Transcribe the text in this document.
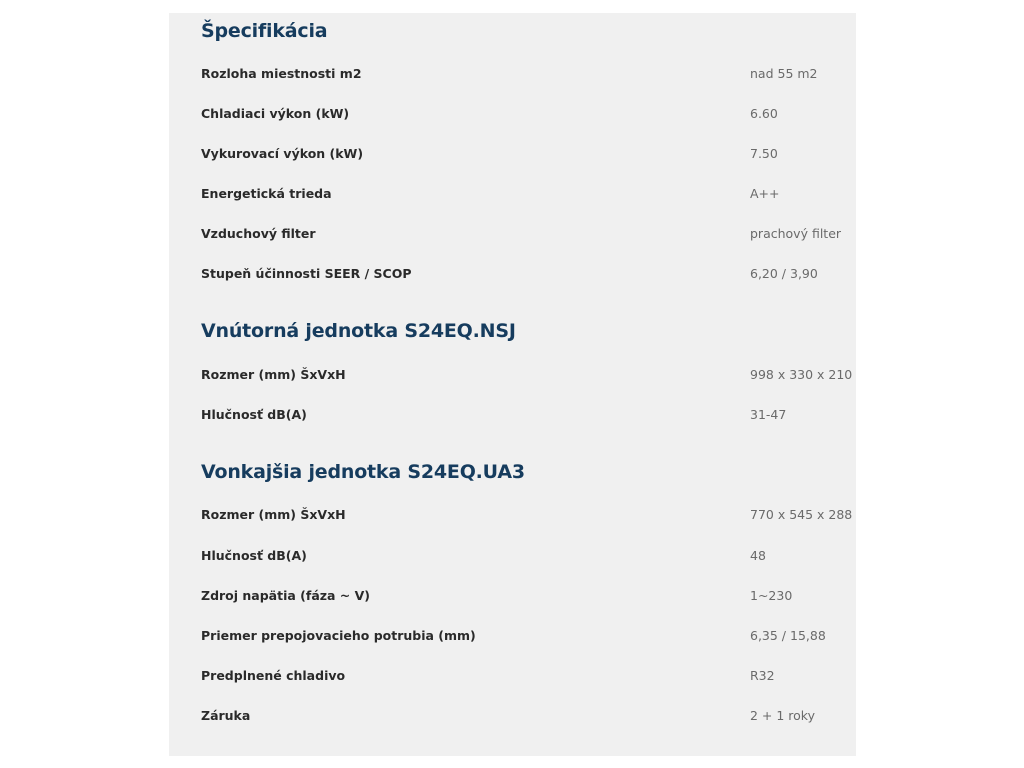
Špecifikácia
Rozloha miestnosti m2	nad 55 m2
Chladiaci výkon (kW)	6.60
Vykurovací výkon (kW)	7.50
Energetická trieda	A++
Vzduchový filter	prachový filter
Stupeň účinnosti SEER / SCOP	6,20 / 3,90
Vnútorná jednotka S24EQ.NSJ
Rozmer (mm) ŠxVxH	998 x 330 x 210
Hlučnosť dB(A)	31-47
Vonkajšia jednotka S24EQ.UA3
Rozmer (mm) ŠxVxH	770 x 545 x 288
Hlučnosť dB(A)	48
Zdroj napätia (fáza ~ V)	1~230
Priemer prepojovacieho potrubia (mm)	6,35 / 15,88
Predplnené chladivo	R32
Záruka	2 + 1 roky
